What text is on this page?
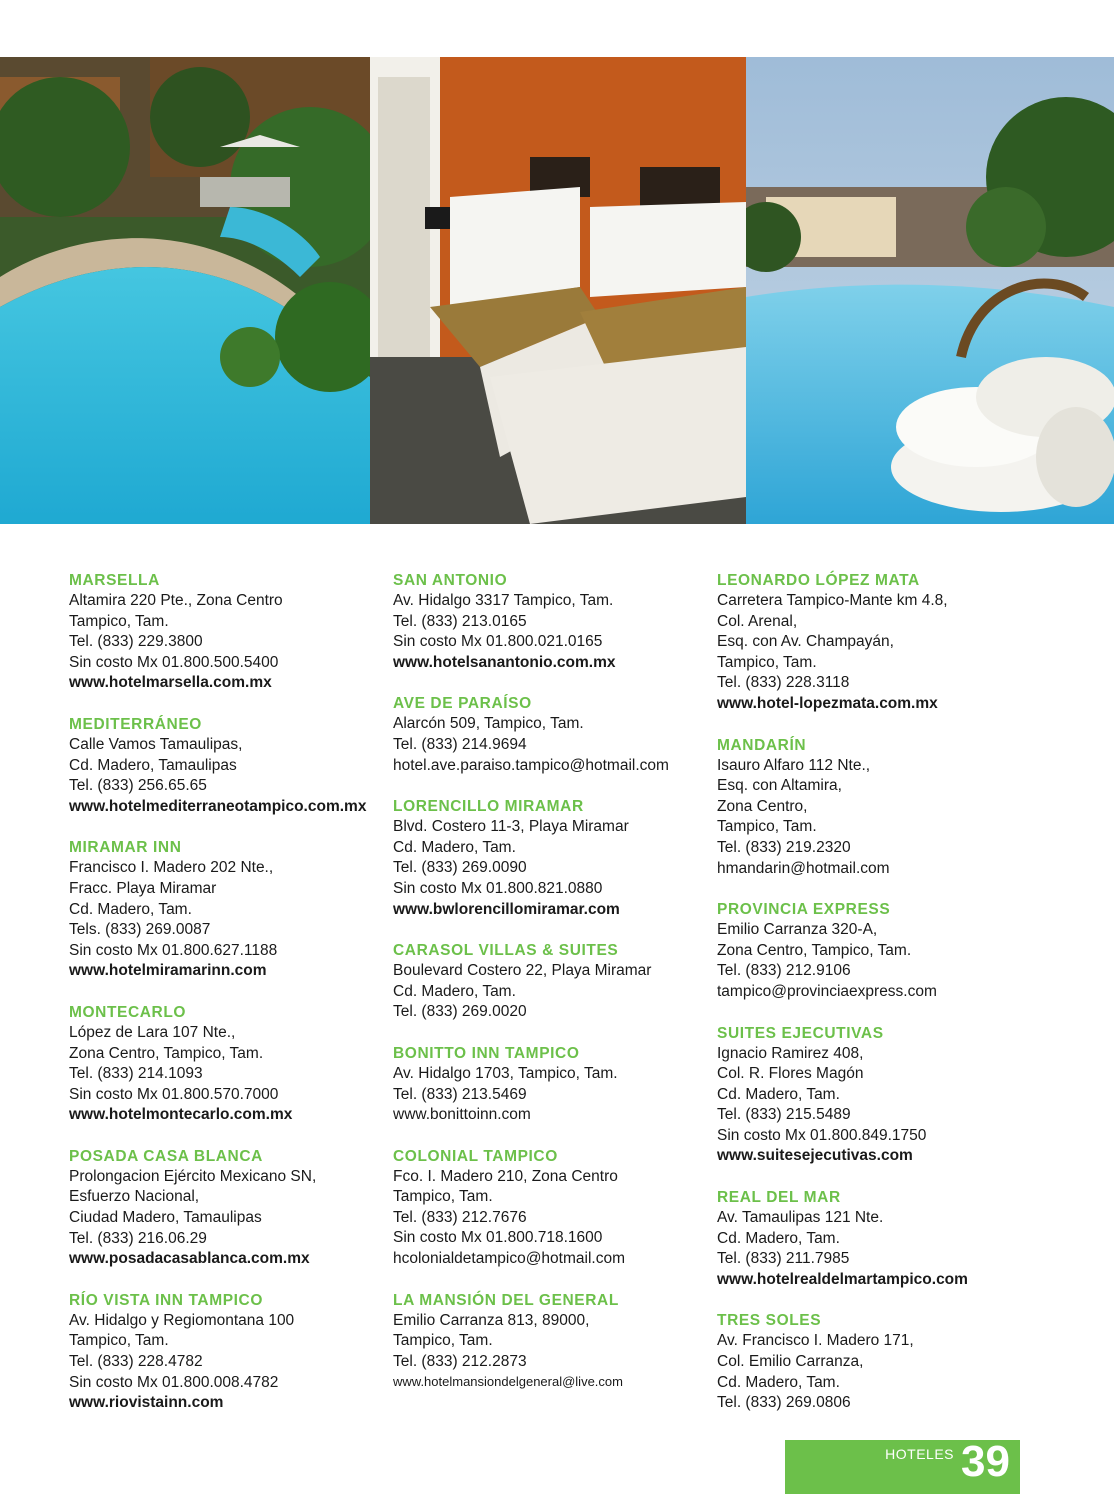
MARSELLA
Altamira 220 Pte., Zona Centro
Tampico, Tam.
Tel. (833) 229.3800
Sin costo Mx 01.800.500.5400
www.hotelmarsella.com.mx
MEDITERRÁNEO
Calle Vamos Tamaulipas,
Cd. Madero, Tamaulipas
Tel. (833) 256.65.65
www.hotelmediterraneotampico.com.mx
MIRAMAR INN
Francisco I. Madero 202 Nte.,
Fracc. Playa Miramar
Cd. Madero, Tam.
Tels. (833) 269.0087
Sin costo Mx 01.800.627.1188
www.hotelmiramarinn.com
MONTECARLO
López de Lara 107 Nte.,
Zona Centro, Tampico, Tam.
Tel. (833) 214.1093
Sin costo Mx 01.800.570.7000
www.hotelmontecarlo.com.mx
POSADA CASA BLANCA
Prolongacion Ejército Mexicano SN,
Esfuerzo Nacional,
Ciudad Madero, Tamaulipas
Tel. (833) 216.06.29
www.posadacasablanca.com.mx
RÍO VISTA INN TAMPICO
Av. Hidalgo y Regiomontana 100
Tampico, Tam.
Tel. (833) 228.4782
Sin costo Mx 01.800.008.4782
www.riovistainn.com
SAN ANTONIO
Av. Hidalgo 3317 Tampico, Tam.
Tel. (833) 213.0165
Sin costo Mx 01.800.021.0165
www.hotelsanantonio.com.mx
AVE DE PARAÍSO
Alarcón 509, Tampico, Tam.
Tel. (833) 214.9694
hotel.ave.paraiso.tampico@hotmail.com
LORENCILLO MIRAMAR
Blvd. Costero 11-3, Playa Miramar
Cd. Madero, Tam.
Tel. (833) 269.0090
Sin costo Mx 01.800.821.0880
www.bwlorencillomiramar.com
CARASOL VILLAS & SUITES
Boulevard Costero 22, Playa Miramar
Cd. Madero, Tam.
Tel. (833) 269.0020
BONITTO INN TAMPICO
Av. Hidalgo 1703, Tampico, Tam.
Tel. (833) 213.5469
www.bonittoinn.com
COLONIAL TAMPICO
Fco. I. Madero 210, Zona Centro
Tampico, Tam.
Tel. (833) 212.7676
Sin costo Mx 01.800.718.1600
hcolonialdetampico@hotmail.com
LA MANSIÓN DEL GENERAL
Emilio Carranza 813, 89000,
Tampico, Tam.
Tel. (833) 212.2873
www.hotelmansiondelgeneral@live.com
LEONARDO LÓPEZ MATA
Carretera Tampico-Mante km 4.8,
Col. Arenal,
Esq. con Av. Champayán,
Tampico, Tam.
Tel. (833) 228.3118
www.hotel-lopezmata.com.mx
MANDARÍN
Isauro Alfaro 112 Nte.,
Esq. con Altamira,
Zona Centro,
Tampico, Tam.
Tel. (833) 219.2320
hmandarin@hotmail.com
PROVINCIA EXPRESS
Emilio Carranza 320-A,
Zona Centro, Tampico, Tam.
Tel. (833) 212.9106
tampico@provinciaexpress.com
SUITES EJECUTIVAS
Ignacio Ramirez 408,
Col. R. Flores Magón
Cd. Madero, Tam.
Tel. (833) 215.5489
Sin costo Mx 01.800.849.1750
www.suitesejecutivas.com
REAL DEL MAR
Av. Tamaulipas 121 Nte.
Cd. Madero, Tam.
Tel. (833) 211.7985
www.hotelrealdelmartampico.com
TRES SOLES
Av. Francisco I. Madero 171,
Col. Emilio Carranza,
Cd. Madero, Tam.
Tel. (833) 269.0806
HOTELES 39
